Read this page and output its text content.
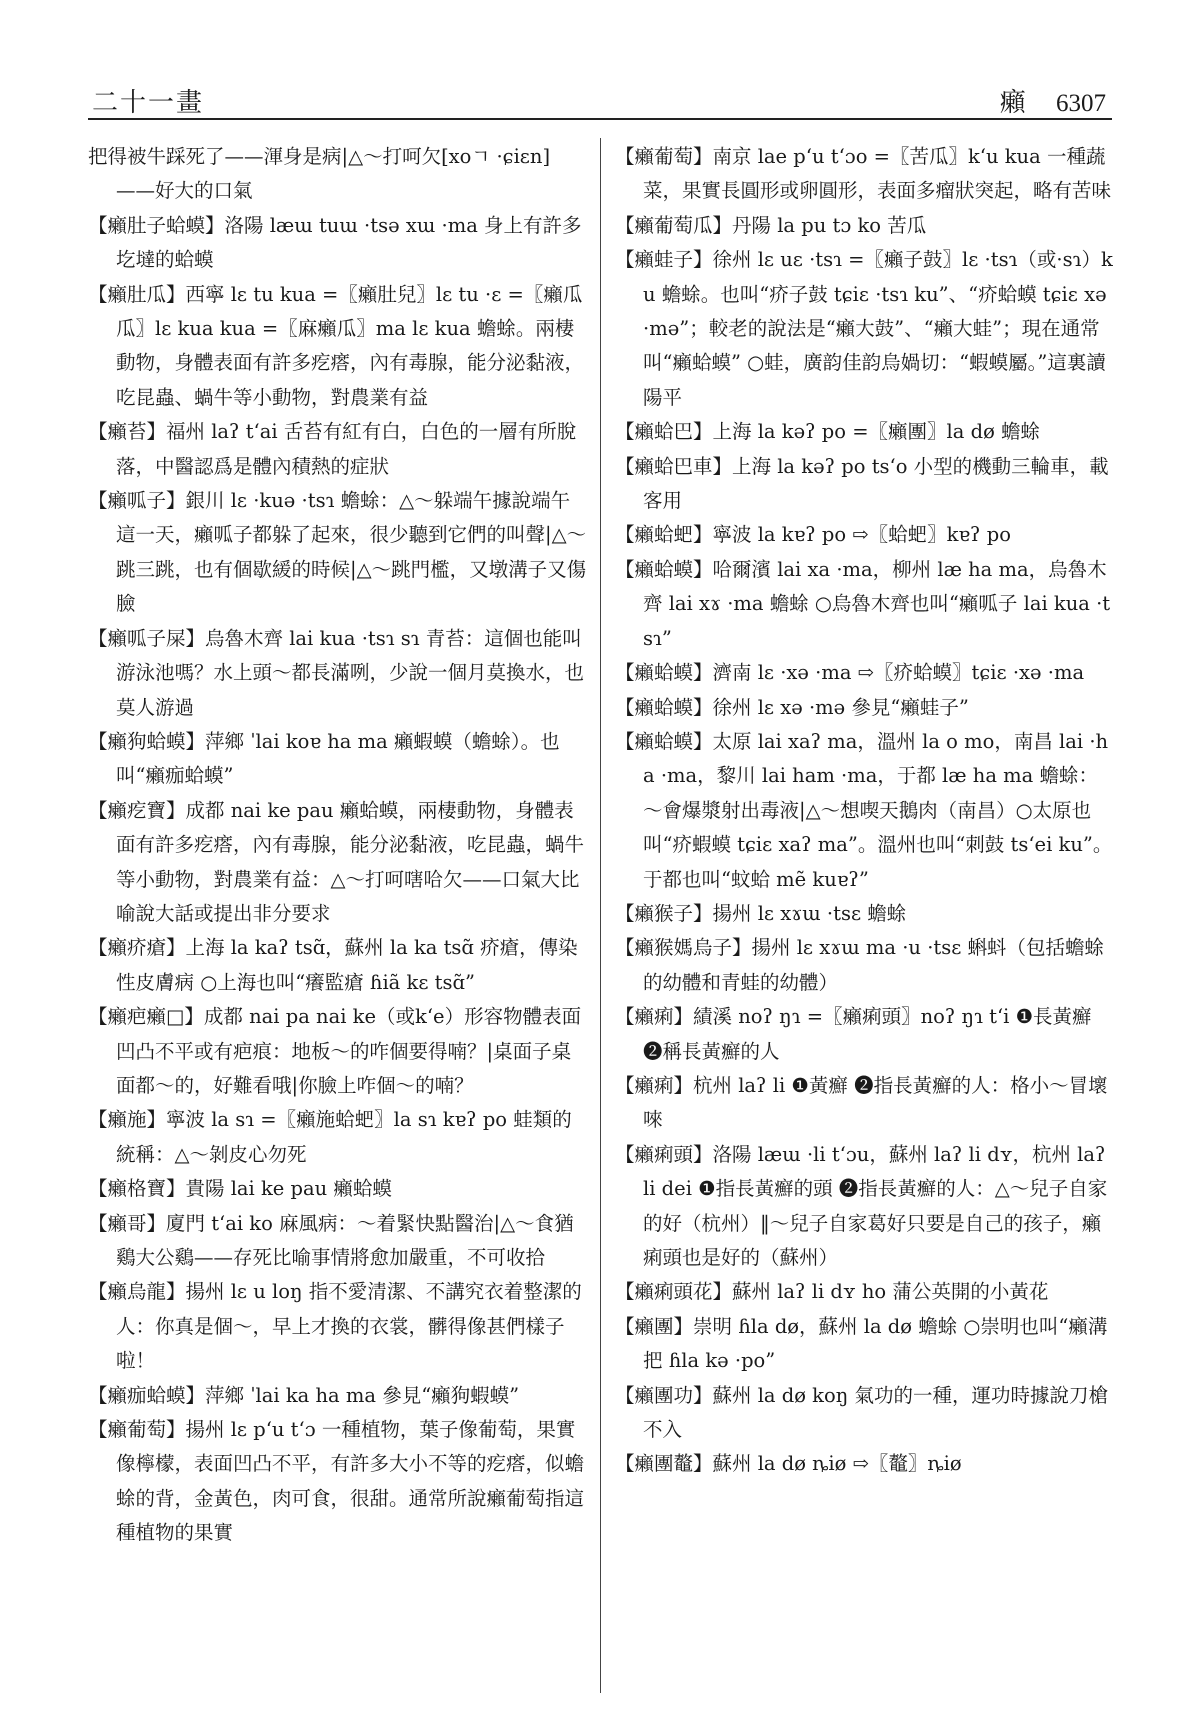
二十一畫	癩 6307
把得被牛踩死了——渾身是病|△～打呵欠[xoㄱ ·ɕiɛn]——好大的口氣
【癩肚子蛤蟆】洛陽 læɯ tuɯ ·tsə xɯ ·ma 身上有許多圪墶的蛤蟆
【癩肚瓜】西寧 lɛ tu kua =〖癩肚兒〗lɛ tu ·ɛ =〖癩瓜瓜〗lɛ kua kua =〖麻癩瓜〗ma lɛ kua 蟾蜍。兩棲動物，身體表面有許多疙瘩，內有毒腺，能分泌黏液，吃昆蟲、蝸牛等小動物，對農業有益
【癩苔】福州 laʔ tʻai 舌苔有紅有白，白色的一層有所脫落，中醫認爲是體內積熱的症狀
【癩呱子】銀川 lɛ ·kuə ·tsɿ 蟾蜍：△～躲端午據說端午這一天，癩呱子都躲了起來，很少聽到它們的叫聲|△～跳三跳，也有個歇緩的時候|△～跳門檻，又墩溝子又傷臉
【癩呱子屎】烏魯木齊 lai kua ·tsɿ sɿ 青苔：這個也能叫游泳池嗎？水上頭～都長滿咧，少說一個月莫換水，也莫人游過
【癩狗蛤蟆】萍鄉 ˈlai koɐ ha ma 癩蝦蟆（蟾蜍）。也叫“癩痂蛤蟆”
【癩疙寶】成都 nai ke pau 癩蛤蟆，兩棲動物，身體表面有許多疙瘩，內有毒腺，能分泌黏液，吃昆蟲，蝸牛等小動物，對農業有益：△～打呵嗐哈欠——口氣大比喻說大話或提出非分要求
【癩疥瘡】上海 la kaʔ tsɑ̃，蘇州 la ka tsɑ̃ 疥瘡，傳染性皮膚病 ○上海也叫“癢監瘡 ɦiã kɛ tsɑ̃”
【癩疤癩□】成都 nai pa nai ke（或kʻe）形容物體表面凹凸不平或有疤痕：地板～的咋個要得喃？|桌面子桌面都～的，好難看哦|你臉上咋個～的喃？
【癩施】寧波 la sɿ =〖癩施蛤蚆〗la sɿ kɐʔ po 蛙類的統稱：△～剝皮心勿死
【癩格寶】貴陽 lai ke pau 癩蛤蟆
【癩哥】廈門 tʻai ko 麻風病：～着緊快點醫治|△～食猶鷄大公鷄——存死比喻事情將愈加嚴重，不可收拾
【癩烏龍】揚州 lɛ u loŋ 指不愛清潔、不講究衣着整潔的人：你真是個～，早上才換的衣裳，髒得像甚們樣子啦！
【癩痂蛤蟆】萍鄉 ˈlai ka ha ma 參見“癩狗蝦蟆”
【癩葡萄】揚州 lɛ pʻu tʻɔ 一種植物，葉子像葡萄，果實像檸檬，表面凹凸不平，有許多大小不等的疙瘩，似蟾蜍的背，金黃色，肉可食，很甜。通常所說癩葡萄指這種植物的果實
【癩葡萄】南京 lae pʻu tʻɔo =〖苦瓜〗kʻu kua 一種蔬菜，果實長圓形或卵圓形，表面多瘤狀突起，略有苦味
【癩葡萄瓜】丹陽 la pu tɔ ko 苦瓜
【癩蛙子】徐州 lɛ uɛ ·tsɿ =〖癩子鼓〗lɛ ·tsɿ（或·sɿ）ku 蟾蜍。也叫“疥子鼓 tɕiɛ ·tsɿ ku”、“疥蛤蟆 tɕiɛ xə ·mə”；較老的說法是“癩大鼓”、“癩大蛙”；現在通常叫“癩蛤蟆” ○蛙，廣韵佳韵烏媧切：“蝦蟆屬。”這裏讀陽平
【癩蛤巴】上海 la kəʔ po =〖癩團〗la dø 蟾蜍
【癩蛤巴車】上海 la kəʔ po tsʻo 小型的機動三輪車，載客用
【癩蛤蚆】寧波 la kɐʔ po ⇨〖蛤蚆〗kɐʔ po
【癩蛤蟆】哈爾濱 lai xa ·ma，柳州 læ ha ma，烏魯木齊 lai xɤ ·ma 蟾蜍 ○烏魯木齊也叫“癩呱子 lai kua ·tsɿ”
【癩蛤蟆】濟南 lɛ ·xə ·ma ⇨〖疥蛤蟆〗tɕiɛ ·xə ·ma
【癩蛤蟆】徐州 lɛ xə ·mə 參見“癩蛙子”
【癩蛤蟆】太原 lai xaʔ ma，溫州 la o mo，南昌 lai ·ha ·ma，黎川 lai ham ·ma，于都 læ ha ma 蟾蜍：～會爆漿射出毒液|△～想喫天鵝肉（南昌）○太原也叫“疥蝦蟆 tɕiɛ xaʔ ma”。溫州也叫“刺鼓 tsʻei ku”。于都也叫“蚊蛤 mẽ kuɐʔ”
【癩猴子】揚州 lɛ xɤɯ ·tsɛ 蟾蜍
【癩猴媽烏子】揚州 lɛ xɤɯ ma ·u ·tsɛ 蝌蚪（包括蟾蜍的幼體和青蛙的幼體）
【癩痢】績溪 noʔ ŋɿ =〖癩痢頭〗noʔ ŋɿ tʻi ❶長黃癬 ❷稱長黃癬的人
【癩痢】杭州 laʔ li ❶黃癬 ❷指長黃癬的人：格小～冒壞唻
【癩痢頭】洛陽 læɯ ·li tʻɔu，蘇州 laʔ li dʏ，杭州 laʔ li dei ❶指長黃癬的頭 ❷指長黃癬的人：△～兒子自家的好（杭州）‖～兒子自家葛好只要是自己的孩子，癩痢頭也是好的（蘇州）
【癩痢頭花】蘇州 laʔ li dʏ ho 蒲公英開的小黃花
【癩團】崇明 ɦla dø，蘇州 la dø 蟾蜍 ○崇明也叫“癩溝把 ɦla kə ·po”
【癩團功】蘇州 la dø koŋ 氣功的一種，運功時據說刀槍不入
【癩團鼇】蘇州 la dø ȵiø ⇨〖鼇〗ȵiø
